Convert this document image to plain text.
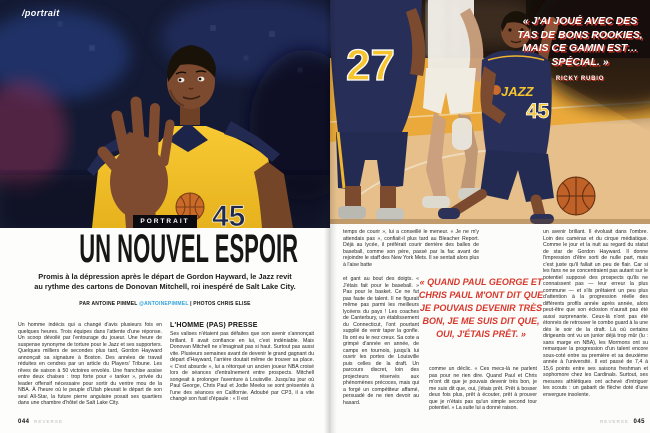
45
/portrait
PORTRAIT
UN NOUVEL ESPOIR

Promis à la dépression après le départ de Gordon Hayward, le Jazz revit au rythme des cartons de Donovan Mitchell, roi inespéré de Salt Lake City.

PAR ANTOINE PIMMEL @ANTOINEPIMMEL | PHOTOS CHRIS ELISE

Un homme indécis qui a changé d'avis plusieurs fois en quelques heures. Trois équipes dans l'attente d'une réponse. Un scoop dévoilé par l'entourage du joueur. Une heure de suspense synonyme de torture pour le Jazz et ses supporters. Quelques milliers de secondes plus tard, Gordon Hayward annonçait sa signature à Boston. Des années de travail réduites en cendres par un article du Players' Tribune. Les rêves de saison à 50 victoires envolés. Une franchise assise entre deux chaises : trop forte pour « tanker », privée du leader offensif nécessaire pour sortir du ventre mou de la NBA. À l'heure où le peuple d'Utah pleurait le départ de son seul All-Star, la future pierre angulaire posait ses quartiers dans une chambre d'hôtel de Salt Lake City.
L'HOMME (PAS) PRESSÉ
Ses valises n'étaient pas défaites que son avenir s'annonçait brillant. Il avait confiance en lui, c'est indéniable. Mais Donovan Mitchell ne s'imaginait pas si haut. Surtout pas aussi vite. Plusieurs semaines avant de devenir le grand gagnant du départ d'Hayward, l'arrière doutait même de trouver sa place. « C'est absurde », lui a rétorqué un ancien joueur NBA croisé lors de séances d'entraînement entre prospects. Mitchell songeait à prolonger l'aventure à Louisville. Jusqu'au jour où Paul George, Chris Paul et Jodie Meeks se sont présentés à l'une des séances en Californie. Adoubé par CP3, il a vite changé son fusil d'épaule : « Il est
044 REVERSE
27
JAZZ
45
« J'AI JOUÉ AVEC DES TAS DE BONS ROOKIES, MAIS CE GAMIN EST… SPÉCIAL. »
RICKY RUBIO
temps de courir », lui a conseillé le meneur. « Je ne m'y attendais pas », confiait-il plus tard au Bleacher Report. Déjà au lycée, il préférait courir derrière des balles de baseball, comme son père, passé par la fac avant de rejoindre le staff des New York Mets. Il se sentait alors plus à l'aise batte
et gant au bout des doigts. « J'étais fait pour le baseball. » Pas pour le basket. Ce ne fut pas faute de talent. Il ne figurait même pas parmi les meilleurs lycéens du pays ! Les coaches de Canterbury, un établissement du Connecticut, l'ont pourtant supplié de venir taper la gonfle. Ils ont eu le nez creux. Sa cote a grimpé d'année en année, de camps en tournois, jusqu'à lui ouvrir les portes de Louisville puis celles de la draft. Un parcours discret, loin des projecteurs réservés aux phénomènes précoces, mais qui a forgé un compétiteur affamé, persuadé de ne rien devoir au hasard.
« QUAND PAUL GEORGE ET CHRIS PAUL M'ONT DIT QUE JE POUVAIS DEVENIR TRÈS BON, JE ME SUIS DIT QUE, OUI, J'ÉTAIS PRÊT. »
comme un déclic. « Ces mecs-là ne parlent pas pour ne rien dire. Quand Paul et Chris m'ont dit que je pouvais devenir très bon, je me suis dit que, oui, j'étais prêt. Prêt à bosser deux fois plus, prêt à écouter, prêt à prouver que je n'étais pas qu'un simple second tour potentiel. » La suite lui a donné raison.
un avenir brillant. Il évoluait dans l'ombre. Loin des caméras et du cirque médiatique. Comme le jour et la nuit au regard du statut de star de Gordon Hayward. Il donne l'impression d'être sorti de nulle part, mais c'est juste qu'il fallait un peu de flair. Car si les fans ne se concentraient pas autant sur le potentiel supposé des prospects qu'ils ne connaissent pas — leur erreur la plus commune — et s'ils prêtaient un peu plus d'attention à la progression réelle des différents profils année après année, alors peut-être que son éclosion n'aurait pas été aussi surprenante. Ceux-là n'ont pas été étonnés de retrouver le combo guard à la une dès le soir de la draft. Là où certains dirigeants ont vu un junior déjà trop mûr (lu : sans marge en NBA), les Mormons ont su remarquer la progression d'un talent encore sous-coté entre sa première et sa deuxième année à l'université. Il est passé de 7,4 à 15,6 points entre ses saisons freshman et sophomore chez les Cardinals. Surtout, ses mesures athlétiques ont achevé d'intriguer les scouts : un gabarit de flèche doté d'une envergure insolente.
REVERSE 045
